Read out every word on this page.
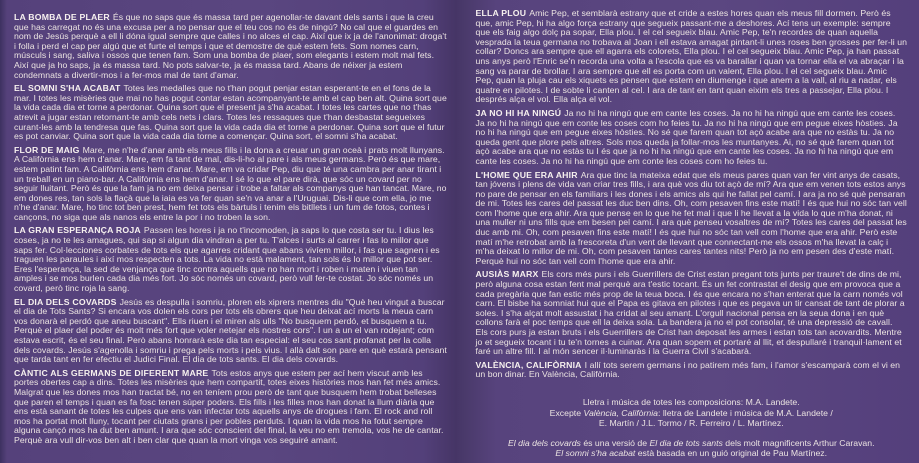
LA BOMBA DE PLAER És que no saps que és massa tard per agenollar-te davant dels sants i que la creu que has carregat no és una excusa per a no pensar que el teu cos no és de ningú? No cal que el guardes en nom de Jesús perquè a ell li dóna igual sempre que calles i no alces el cap. Així que ix ja de l'anonimat: droga't i folla i perd el cap per algú que et furte el temps i que et demostre de què estem fets. Som nomes carn, músculs i sang, saliva i ossos que tenen fam. Som una bomba de plaer, som elegants i estem molt mal fets. Així que ja ho saps, ja és massa tard. No pots salvar-te, ja és massa tard. Abans de néixer ja estem condemnats a divertir-mos i a fer-mos mal de tant d'amar.

EL SOMNI S'HA ACABAT Totes les medalles que no t'han pogut penjar estan esperant-te en el fons de la mar. I totes les misèries que mai no has pogut contar estan acompanyant-te amb el cap ben alt. Quina sort que la vida cada dia et torne a perdonar. Quina sort que el present ja s'ha acabat. I totes les cartes que no t'has atrevit a jugar estan retornant-te amb cels nets i clars. Totes les ressaques que t'han desbastat segueixes curant-les amb la tendresa que fas. Quina sort que la vida cada dia et torne a perdonar. Quina sort que el futur es pot canviar. Quina sort que la vida cada dia torne a començar. Quina sort, el somni s'ha acabat.

FLOR DE MAIG Mare, me n'he d'anar amb els meus fills i la dona a creuar un gran oceà i prats molt llunyans. A Califòrnia ens hem d'anar. Mare, em fa tant de mal, dis-li-ho al pare i als meus germans. Però és que mare, estem patint fam. A Califòrnia ens hem d'anar. Mare, em va cridar Pep, diu que té una cambra per anar tirant i un treball en un piano-bar. A Califòrnia ens hem d'anar. I sé lo que el pare dirà, que sóc un covard per no seguir lluitant. Però és que la fam ja no em deixa pensar i trobe a faltar als companys que han tancat. Mare, no em dones res, tan sols la flaçà que la iaia es va fer quan se'n va anar a l'Uruguai. Dis-li que com ella, jo me n'he d'anar. Mare, ho tinc tot ben prest, hem fet tots els bàrtuls i tenim els bitllets i un fum de fotos, contes i cançons, no siga que als nanos els entre la por i no troben la son.

LA GRAN ESPERANÇA ROJA Passen les hores i ja no t'incomoden, ja saps lo que costa ser tu. I dius les coses, ja no te les amagues, qui sap si algun dia vindran a per tu. T'alces i surts al carrer i fas lo millor que saps fer. Col·lecciones corbates de tots els que agarres cridant que abans vivíem millor, i fas que sagnen i es traguen les paraules i així mos respecten a tots. La vida no està malament, tan sols és lo millor que pot ser. Eres l'esperança, la sed de venjança que tinc contra aquells que no han mort i roben i maten i viuen tan amples i se mos burlen cada dia més fort. Jo sóc només un covard, però vull fer-te costat. Jo sóc només un covard, però tinc roja la sang.

EL DIA DELS COVARDS Jesús es despulla i somriu, ploren els xiprers mentres diu "Què heu vingut a buscar el dia de Tots Sants? Si encara vos dolen els cors per tots els obrers que heu deixat ací morts la meua carn vos donarà el perdó que aneu buscant". Ells riuen i el miren als ulls "No busquem perdó, et busquem a tu. Perquè el plaer del poder és molt més fort que voler netejar els nostres cors". I un a un el van rodejant; com estava escrit, és el seu final. Però abans honrarà este dia tan especial: el seu cos sant profanat per la colla dels covards. Jesús s'agenolla i somriu i prega pels morts i pels vius. I allà dalt son pare en què estarà pensant que tarda tant en fer efectiu el Judici Final. El dia de tots sants. El dia dels covards.

CÀNTIC ALS GERMANS DE DIFERENT MARE Tots estos anys que estem per ací hem viscut amb les portes obertes cap a dins. Totes les misèries que hem compartit, totes eixes històries mos han fet més amics. Malgrat que les dones mos han tractat bé, no en teníem prou però de tant que busquem hem trobat belleses que paren el temps i quan es fa fosc tenen súper poders. Els fills i les filles mos han donat la llum diària que ens està sanant de totes les culpes que ens van infectar tots aquells anys de drogues i fam. El rock and roll mos ha portat molt lluny, tocant per ciutats grans i per pobles perduts. I quan la vida mos ha fotut sempre alguna cançó mos ha dut ben amunt. I ara que sóc conscient del final, la veu no em tremola, vos he de cantar. Perquè ara vull dir-vos ben alt i ben clar que quan la mort vinga vos seguiré amant.

ELLA PLOU Amic Pep, et semblarà estrany que et cride a estes hores quan els meus fill dormen. Però és que, amic Pep, hi ha algo força estrany que segueix passant-me a deshores. Ací tens un exemple: sempre que els faig algo dolç pa sopar, Ella plou. I el cel segueix blau. Amic Pep, te'n recordes de quan aquella vesprada la teua germana no trobava al Joan i ell estava amagat pintant-li unes roses ben grosses per fer-li un collar? Doncs ara sempre que ell agarra els colorets, Ella plou. I el cel segueix blau. Amic Pep, ja han passat uns anys però l'Enric se'n recorda una volta a l'escola que es va barallar i quan va tornar ella el va abraçar i la sang va parar de brollar. I ara sempre que ell es porta com un valent, Ella plou. I el cel segueix blau. Amic Pep, quan la pluja cau els xiquets es pensen que estem en diumenge i que anem a la vall, al riu a nadar, els quatre en pilotes. I de sobte li canten al cel. I ara de tant en tant quan eixim els tres a passejar, Ella plou. I després alça el vol. Ella alça el vol.

JA NO HI HA NINGÚ Ja no hi ha ningú que em cante les coses. Ja no hi ha ningú que em cante les coses. Ja no hi ha ningú que em conte les coses com ho feies tu. Ja no hi ha ningú que em pegue eixes hòsties. Ja no hi ha ningú que em pegue eixes hòsties. No sé que farem quan tot açò acabe ara que no estàs tu. Ja no queda gent que plore pels altres. Sols mos queda ja follar-mos les muntanyes. Ai, no sé què farem quan tot açò acabe ara que no estàs tu I és que ja no hi ha ningú que em cante les coses. Ja no hi ha ningú que em cante les coses. Ja no hi ha ningú que em conte les coses com ho feies tu.

L'HOME QUE ERA AHIR Ara que tinc la mateixa edat que els meus pares quan van fer vint anys de casats, tan jóvens i plens de vida van criar tres fills, i ara què vos diu tot açò de mí? Ara que em venen tots estos anys no pare de pensar en els familiars i les dones i els amics als qui he fallat pel camí. I ara ja no sé què pensaran de mi. Totes les cares del passat les duc ben dins. Oh, com pesaven fins este matí! I és que hui no sóc tan vell com l'home que era ahir. Ara que pense en lo que he fet mal i que li he llevat a la vida lo que m'ha donat, ni una muller ni uns fills que em besen pel camí. I ara què penseu vosaltres de mí? Totes les cares del passat les duc amb mi. Oh, com pesaven fins este matí! I és que hui no sóc tan vell com l'home que era ahir. Però este matí m'he retrobat amb la frescoreta d'un vent de llevant que connectant-me els ossos m'ha llevat la calç i m'ha deixat lo millor de mi. Oh, com pesaven tantes cares tantes nits! Però ja no em pesen des d'este matí. Perquè hui no sóc tan vell com l'home que era ahir.

AUSIÀS MARX Els cors més purs i els Guerrillers de Crist estan pregant tots junts per traure't de dins de mi, però alguna cosa estan fent mal perquè ara t'estic tocant. És un fet contrastat el desig que em provoca que a cada pregària que fan estic més prop de la teua boca. I és que encara no s'han enterat que la carn només vol carn. El bisbe ha somniat hui que el Papa es gitava en pilotes i que es pegava un tir cansat de tant de plorar a soles. I s'ha alçat molt assustat i ha cridat al seu amant. L'orgull nacional pensa en la seua dona i en què collons farà el poc temps que ell la deixa sola. La bandera ja no el pot consolar, té una depressió de cavall. Els cors purs ja estan bruts i els Guerrillers de Crist han deposat les armes i estan tots tan acovardits. Mentre jo et segueix tocant i tu te'n tornes a cuinar. Ara quan sopem et portaré al llit, et despullaré i tranquil·lament et faré un altre fill. I al món sencer il·luminaràs i la Guerra Civil s'acabarà.

VALÈNCIA, CALIFÒRNIA I allí tots serem germans i no patirem més fam, i l'amor s'escamparà com el vi en un bon dinar. En València, Califòrnia.

Lletra i música de totes les composicions: M.A. Landete.
Excepte València, Califòrnia: lletra de Landete i música de M.A. Landete /
E. Martín / J.L. Tormo / R. Ferreiro / L. Martínez.
El dia dels covards és una versió de El dia de tots sants dels molt magnificents Arthur Caravan.
El somni s'ha acabat està basada en un guió original de Pau Martínez.
